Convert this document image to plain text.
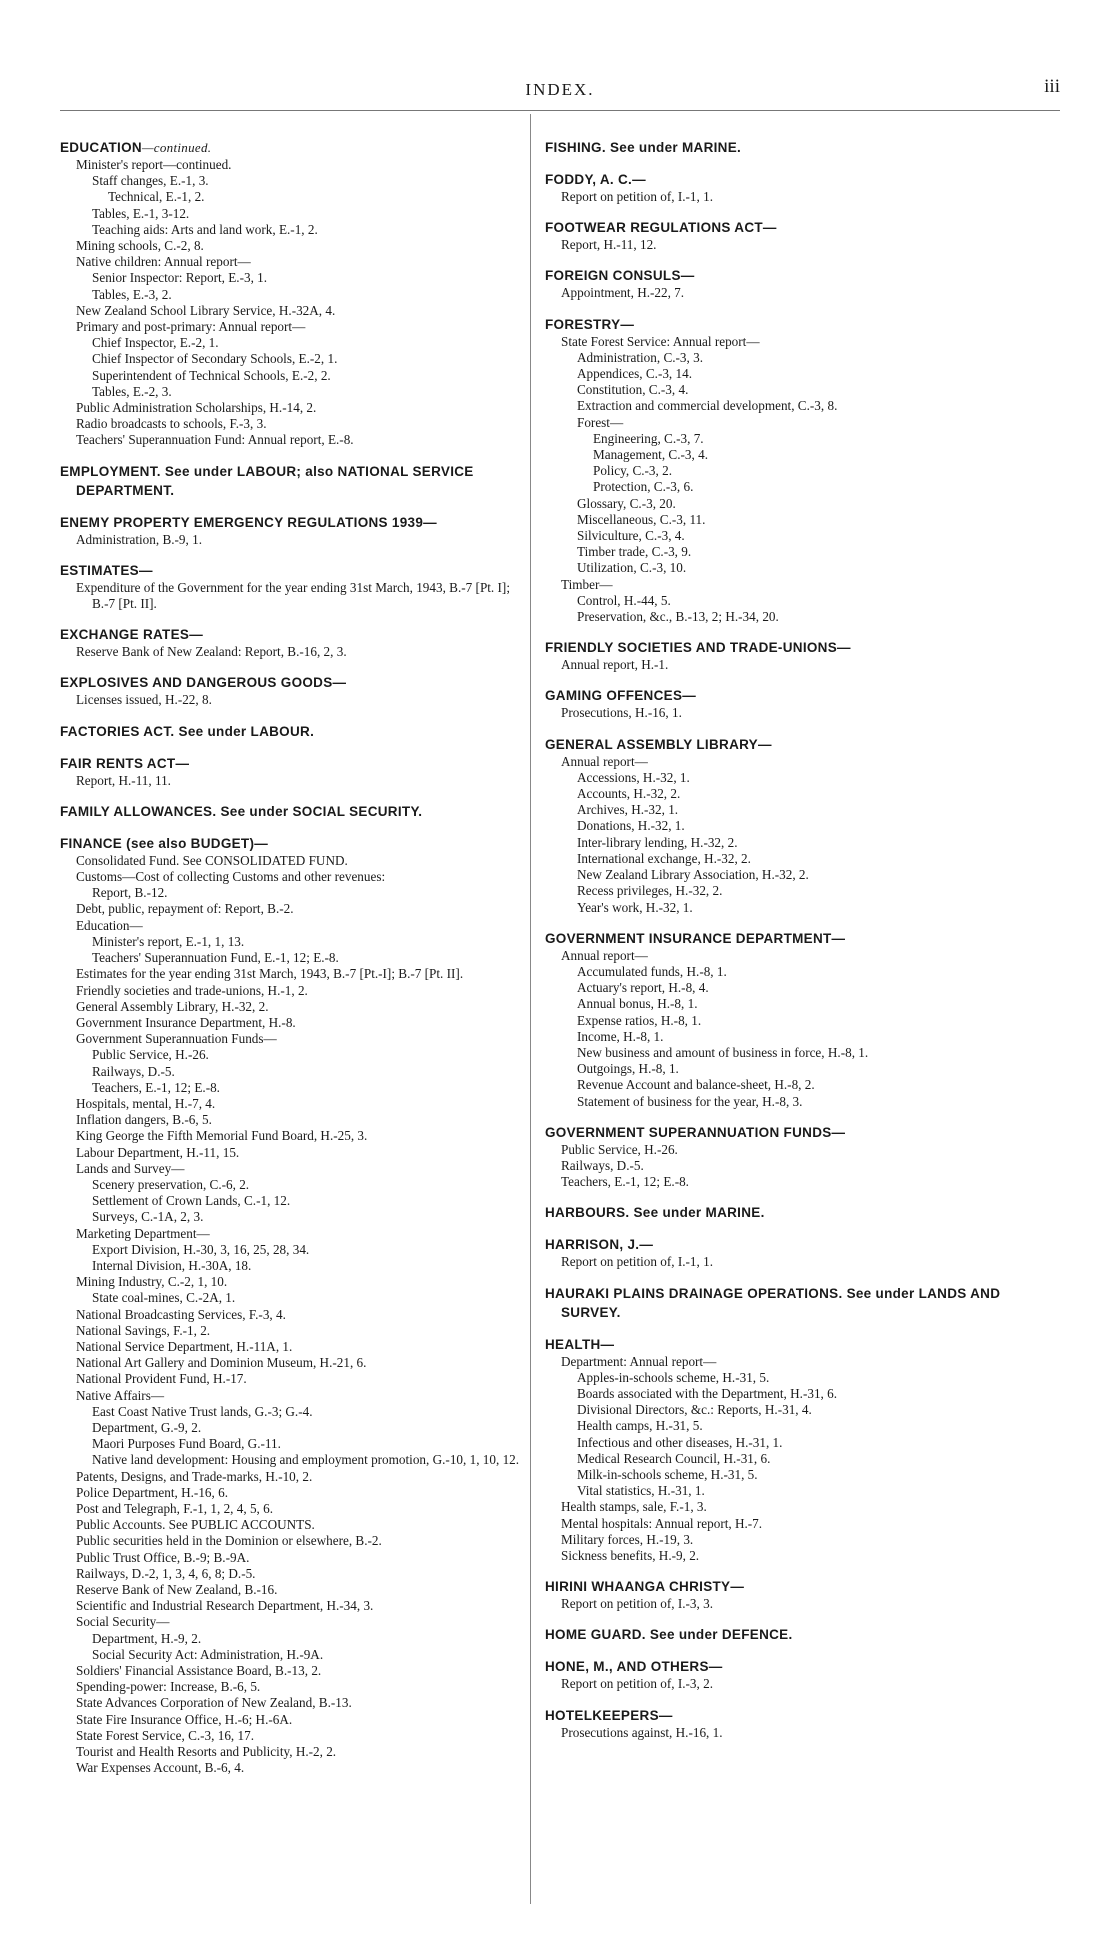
INDEX.	iii
EDUCATION—continued.
Minister's report—continued.
Staff changes, E.-1, 3.
Technical, E.-1, 2.
Tables, E.-1, 3-12.
Teaching aids: Arts and land work, E.-1, 2.
Mining schools, C.-2, 8.
Native children: Annual report—
Senior Inspector: Report, E.-3, 1.
Tables, E.-3, 2.
New Zealand School Library Service, H.-32A, 4.
Primary and post-primary: Annual report—
Chief Inspector, E.-2, 1.
Chief Inspector of Secondary Schools, E.-2, 1.
Superintendent of Technical Schools, E.-2, 2.
Tables, E.-2, 3.
Public Administration Scholarships, H.-14, 2.
Radio broadcasts to schools, F.-3, 3.
Teachers' Superannuation Fund: Annual report, E.-8.
EMPLOYMENT. See under LABOUR; also NATIONAL SERVICE DEPARTMENT.
ENEMY PROPERTY EMERGENCY REGULATIONS 1939—
Administration, B.-9, 1.
ESTIMATES—
Expenditure of the Government for the year ending 31st March, 1943, B.-7 [Pt. I]; B.-7 [Pt. II].
EXCHANGE RATES—
Reserve Bank of New Zealand: Report, B.-16, 2, 3.
EXPLOSIVES AND DANGEROUS GOODS—
Licenses issued, H.-22, 8.
FACTORIES ACT. See under LABOUR.
FAIR RENTS ACT—
Report, H.-11, 11.
FAMILY ALLOWANCES. See under SOCIAL SECURITY.
FINANCE (see also BUDGET)—
Consolidated Fund. See CONSOLIDATED FUND.
Customs—Cost of collecting Customs and other revenues:
Report, B.-12.
Debt, public, repayment of: Report, B.-2.
Education—
Minister's report, E.-1, 1, 13.
Teachers' Superannuation Fund, E.-1, 12; E.-8.
Estimates for the year ending 31st March, 1943, B.-7 [Pt.-I]; B.-7 [Pt. II].
Friendly societies and trade-unions, H.-1, 2.
General Assembly Library, H.-32, 2.
Government Insurance Department, H.-8.
Government Superannuation Funds—
Public Service, H.-26.
Railways, D.-5.
Teachers, E.-1, 12; E.-8.
Hospitals, mental, H.-7, 4.
Inflation dangers, B.-6, 5.
King George the Fifth Memorial Fund Board, H.-25, 3.
Labour Department, H.-11, 15.
Lands and Survey—
Scenery preservation, C.-6, 2.
Settlement of Crown Lands, C.-1, 12.
Surveys, C.-1A, 2, 3.
Marketing Department—
Export Division, H.-30, 3, 16, 25, 28, 34.
Internal Division, H.-30A, 18.
Mining Industry, C.-2, 1, 10.
State coal-mines, C.-2A, 1.
National Broadcasting Services, F.-3, 4.
National Savings, F.-1, 2.
National Service Department, H.-11A, 1.
National Art Gallery and Dominion Museum, H.-21, 6.
National Provident Fund, H.-17.
Native Affairs—
East Coast Native Trust lands, G.-3; G.-4.
Department, G.-9, 2.
Maori Purposes Fund Board, G.-11.
Native land development: Housing and employment promotion, G.-10, 1, 10, 12.
Patents, Designs, and Trade-marks, H.-10, 2.
Police Department, H.-16, 6.
Post and Telegraph, F.-1, 1, 2, 4, 5, 6.
Public Accounts. See PUBLIC ACCOUNTS.
Public securities held in the Dominion or elsewhere, B.-2.
Public Trust Office, B.-9; B.-9A.
Railways, D.-2, 1, 3, 4, 6, 8; D.-5.
Reserve Bank of New Zealand, B.-16.
Scientific and Industrial Research Department, H.-34, 3.
Social Security—
Department, H.-9, 2.
Social Security Act: Administration, H.-9A.
Soldiers' Financial Assistance Board, B.-13, 2.
Spending-power: Increase, B.-6, 5.
State Advances Corporation of New Zealand, B.-13.
State Fire Insurance Office, H.-6; H.-6A.
State Forest Service, C.-3, 16, 17.
Tourist and Health Resorts and Publicity, H.-2, 2.
War Expenses Account, B.-6, 4.
FISHING. See under MARINE.
FODDY, A. C.—
Report on petition of, I.-1, 1.
FOOTWEAR REGULATIONS ACT—
Report, H.-11, 12.
FOREIGN CONSULS—
Appointment, H.-22, 7.
FORESTRY—
State Forest Service: Annual report—
Administration, C.-3, 3.
Appendices, C.-3, 14.
Constitution, C.-3, 4.
Extraction and commercial development, C.-3, 8.
Forest—
Engineering, C.-3, 7.
Management, C.-3, 4.
Policy, C.-3, 2.
Protection, C.-3, 6.
Glossary, C.-3, 20.
Miscellaneous, C.-3, 11.
Silviculture, C.-3, 4.
Timber trade, C.-3, 9.
Utilization, C.-3, 10.
Timber—
Control, H.-44, 5.
Preservation, &c., B.-13, 2; H.-34, 20.
FRIENDLY SOCIETIES AND TRADE-UNIONS—
Annual report, H.-1.
GAMING OFFENCES—
Prosecutions, H.-16, 1.
GENERAL ASSEMBLY LIBRARY—
Annual report—
Accessions, H.-32, 1.
Accounts, H.-32, 2.
Archives, H.-32, 1.
Donations, H.-32, 1.
Inter-library lending, H.-32, 2.
International exchange, H.-32, 2.
New Zealand Library Association, H.-32, 2.
Recess privileges, H.-32, 2.
Year's work, H.-32, 1.
GOVERNMENT INSURANCE DEPARTMENT—
Annual report—
Accumulated funds, H.-8, 1.
Actuary's report, H.-8, 4.
Annual bonus, H.-8, 1.
Expense ratios, H.-8, 1.
Income, H.-8, 1.
New business and amount of business in force, H.-8, 1.
Outgoings, H.-8, 1.
Revenue Account and balance-sheet, H.-8, 2.
Statement of business for the year, H.-8, 3.
GOVERNMENT SUPERANNUATION FUNDS—
Public Service, H.-26.
Railways, D.-5.
Teachers, E.-1, 12; E.-8.
HARBOURS. See under MARINE.
HARRISON, J.—
Report on petition of, I.-1, 1.
HAURAKI PLAINS DRAINAGE OPERATIONS. See under LANDS AND SURVEY.
HEALTH—
Department: Annual report—
Apples-in-schools scheme, H.-31, 5.
Boards associated with the Department, H.-31, 6.
Divisional Directors, &c.: Reports, H.-31, 4.
Health camps, H.-31, 5.
Infectious and other diseases, H.-31, 1.
Medical Research Council, H.-31, 6.
Milk-in-schools scheme, H.-31, 5.
Vital statistics, H.-31, 1.
Health stamps, sale, F.-1, 3.
Mental hospitals: Annual report, H.-7.
Military forces, H.-19, 3.
Sickness benefits, H.-9, 2.
HIRINI WHAANGA CHRISTY—
Report on petition of, I.-3, 3.
HOME GUARD. See under DEFENCE.
HONE, M., AND OTHERS—
Report on petition of, I.-3, 2.
HOTELKEEPERS—
Prosecutions against, H.-16, 1.
